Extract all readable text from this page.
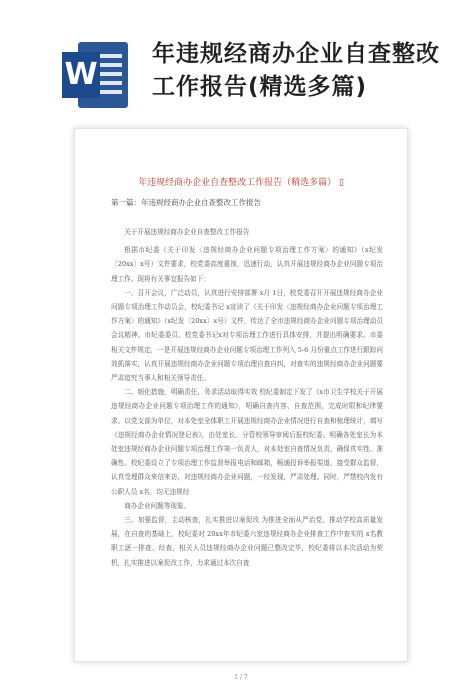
W
年违规经商办企业自查整改工作报告(精选多篇)
年违规经商办企业自查整改工作报告（精选多篇） ▯
第一篇：年违规经商办企业自查整改工作报告

关于开展违规经商办企业自查整改工作报告

根据市纪委《关于印发〈违规经商办企业问题专项治理工作方案〉的通知》（x纪发〔20xx〕x号）文件要求，校党委高度重视，迅速行动，认真开展违规经商办企业问题专项治理工作。现将有关事宜报告如下：

一、召开会议，广泛动员，认真进行安排部署 x月 1日，校党委召开开展违规经商办企业问题专项治理工作动员会，校纪委书记 x宣读了《关于印发〈违规经商办企业问题专项治理工作方案〉的通知》（x纪发〔20xx〕x号）文件，传达了全市违规经商办企业问题专项治理动员会议精神。市纪委委员、校党委书记x对专项治理工作进行具体安排，并提出明确要求。市委相关文件规定，一是开展违规经商办企业问题专项治理工作列入 5-6 月份重点工作进行跟踪问效抓落实，认真开展违规经商办企业问题专项治理自查自纠，对查实的违规经商办企业问题要严肃追究当事人和相关领导责任。

二、细化措施，明确责任，务求活动取得实效 校纪委制定下发了《x市卫生学校关于开展违规经商办企业问题专项治理工作的通知》，明确自查内容、自查范围，完成时限和纪律要求。以党支部为单位，对本处室全体职工开展违规经商办企业情况进行自查和梳理统计，填写《违规经商办企业情况登记表》，由处室长、分管校领导审阅后报校纪委。明确各处室长为本处室违规经商办企业问题专项治理工作第一负责人，对本处室自查情况负责，确保真实性、准确性。校纪委设立了专项治理工作监督举报电话和邮箱，畅通投诉举报渠道，接受群众监督，认真受理群众来信来访，对违规经商办企业问题，一经发现，严肃处理。同时，严禁校内发有公职人员 x名，均无违规经

商办企业问题等现象。

三、加强监督，主动核查，扎实推进以案促改 为推进全面从严治党，推动学校高质量发展，在自查的基础上，校纪委对 20xx年市纪委六室违规经商办企业排查工作中查实的 x名教职工逐一排查、经查，相关人员违规经商办企业问题已整改完毕，校纪委将以本次活动为契机，扎实推进以案促改工作，力求通过本次自查

1 / 7
